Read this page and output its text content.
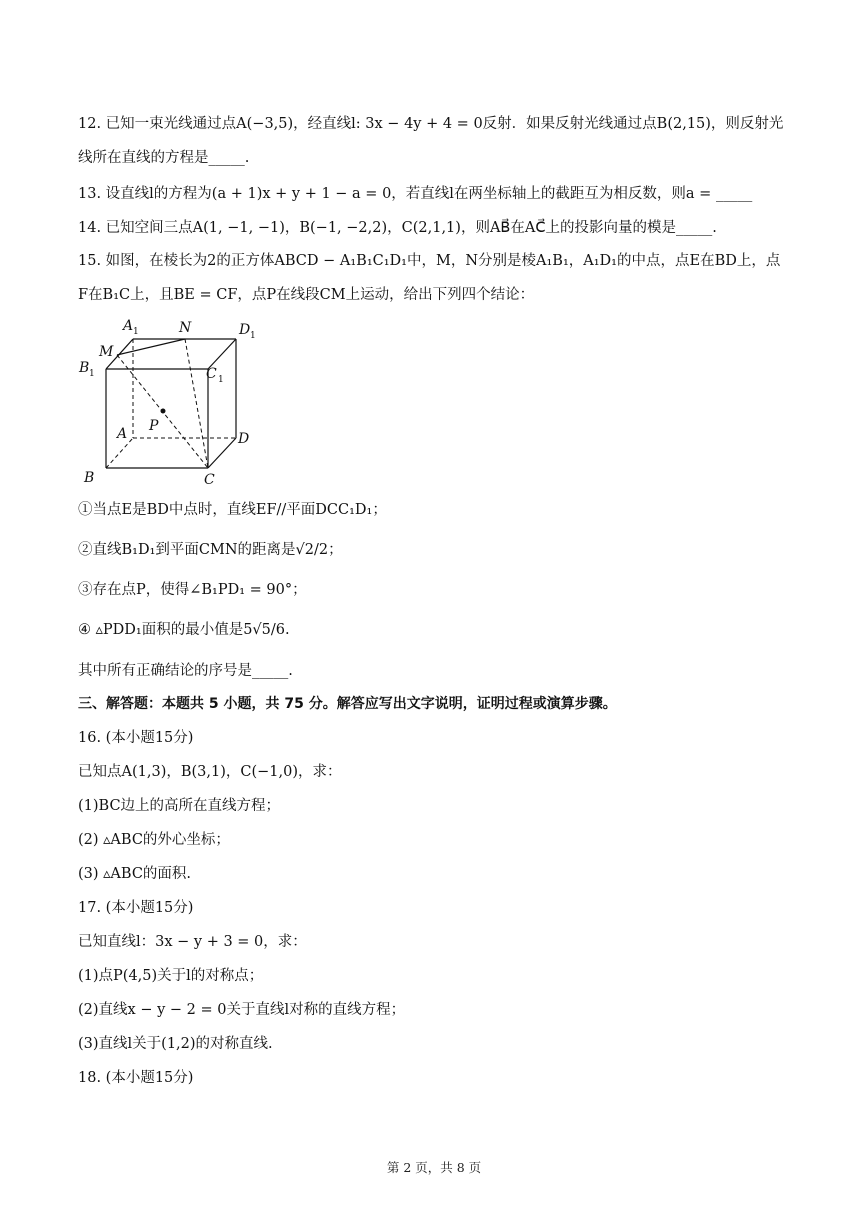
12. 已知一束光线通过点A(−3,5)，经直线l: 3x − 4y + 4 = 0反射．如果反射光线通过点B(2,15)，则反射光
线所在直线的方程是_____.
13. 设直线l的方程为(a + 1)x + y + 1 − a = 0，若直线l在两坐标轴上的截距互为相反数，则a = _____
14. 已知空间三点A(1, −1, −1)，B(−1, −2,2)，C(2,1,1)，则AB⃗在AC⃗上的投影向量的模是_____.
15. 如图，在棱长为2的正方体ABCD − A₁B₁C₁D₁中，M，N分别是棱A₁B₁，A₁D₁的中点，点E在BD上，点
F在B₁C上，且BE = CF，点P在线段CM上运动，给出下列四个结论：
A 1	N	D 1
M
B 1	C 1
P
A	D
B	C
①当点E是BD中点时，直线EF//平面DCC₁D₁；
②直线B₁D₁到平面CMN的距离是√2/2；
③存在点P，使得∠B₁PD₁ = 90°；
④ ▵PDD₁面积的最小值是5√5/6.
其中所有正确结论的序号是_____.
三、解答题：本题共 5 小题，共 75 分。解答应写出文字说明，证明过程或演算步骤。
16. (本小题15分)
已知点A(1,3)，B(3,1)，C(−1,0)，求：
(1)BC边上的高所在直线方程；
(2) ▵ABC的外心坐标；
(3) ▵ABC的面积.
17. (本小题15分)
已知直线l：3x − y + 3 = 0，求：
(1)点P(4,5)关于l的对称点；
(2)直线x − y − 2 = 0关于直线l对称的直线方程；
(3)直线l关于(1,2)的对称直线.
18. (本小题15分)
第 2 页，共 8 页
